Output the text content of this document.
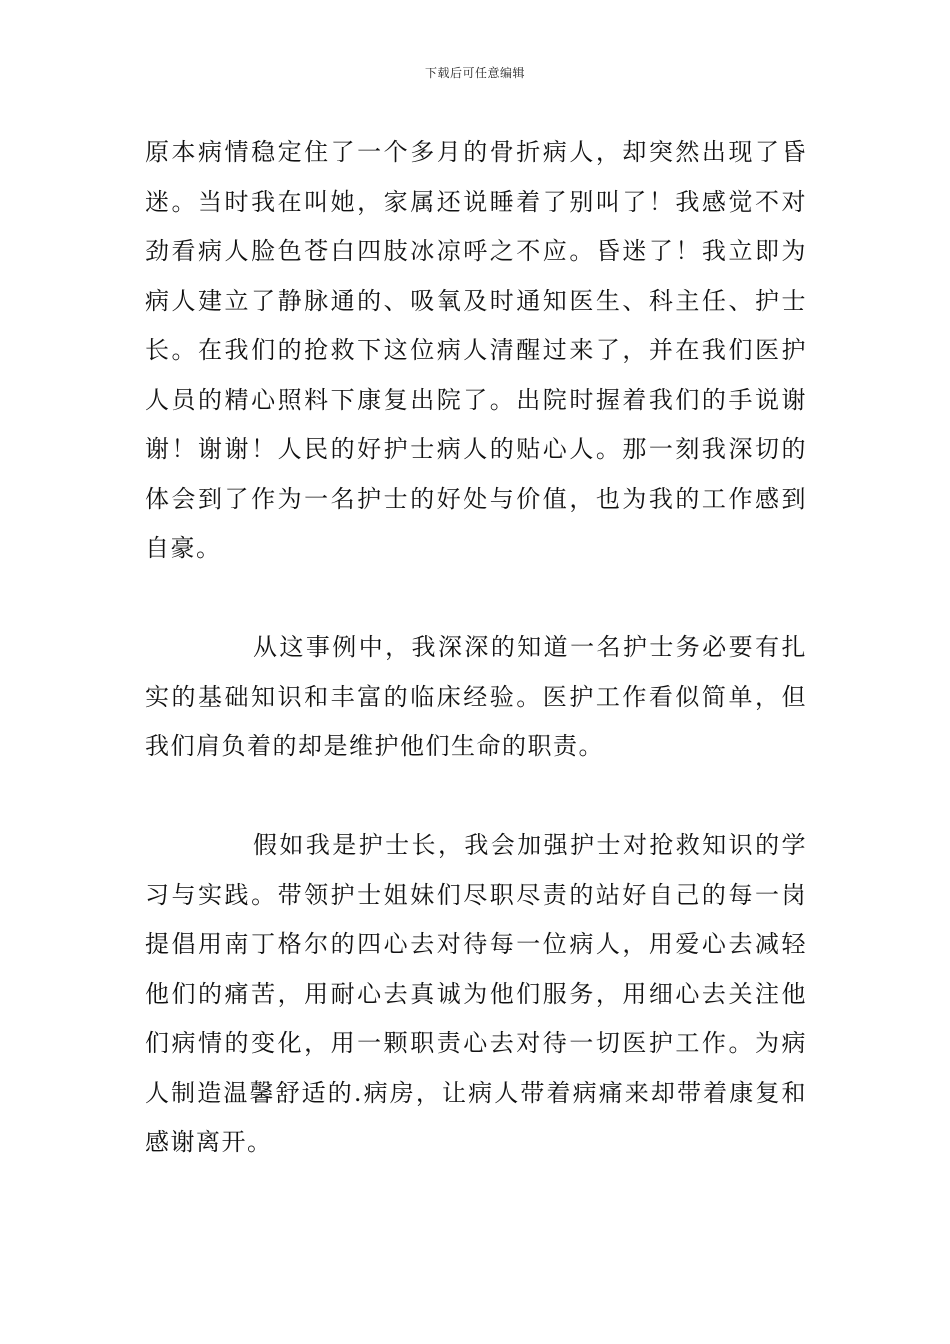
下载后可任意编辑

原本病情稳定住了一个多月的骨折病人，却突然出现了昏迷。当时我在叫她，家属还说睡着了别叫了！我感觉不对劲看病人脸色苍白四肢冰凉呼之不应。昏迷了！我立即为病人建立了静脉通的、吸氧及时通知医生、科主任、护士长。在我们的抢救下这位病人清醒过来了，并在我们医护人员的精心照料下康复出院了。出院时握着我们的手说谢谢！谢谢！人民的好护士病人的贴心人。那一刻我深切的体会到了作为一名护士的好处与价值，也为我的工作感到自豪。

从这事例中，我深深的知道一名护士务必要有扎实的基础知识和丰富的临床经验。医护工作看似简单，但我们肩负着的却是维护他们生命的职责。

假如我是护士长，我会加强护士对抢救知识的学习与实践。带领护士姐妹们尽职尽责的站好自己的每一岗提倡用南丁格尔的四心去对待每一位病人，用爱心去减轻他们的痛苦，用耐心去真诚为他们服务，用细心去关注他们病情的变化，用一颗职责心去对待一切医护工作。为病人制造温馨舒适的.病房，让病人带着病痛来却带着康复和感谢离开。
